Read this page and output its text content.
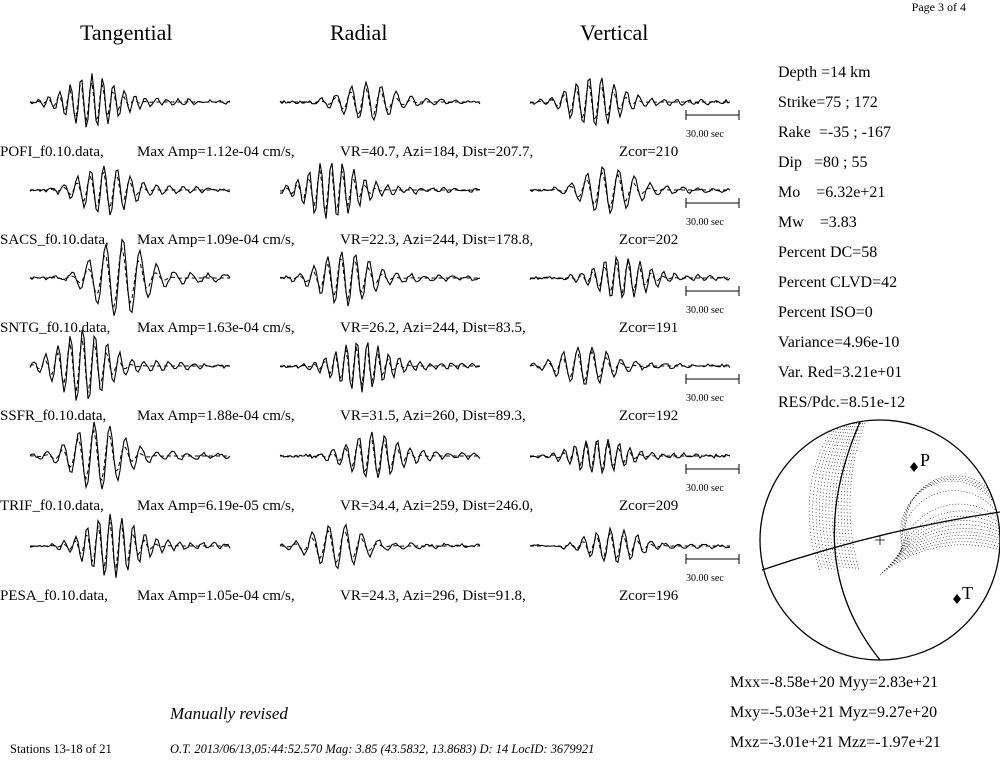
Page 3 of 4
Tangential	Radial	Vertical
30.00 sec
30.00 sec
30.00 sec
30.00 sec
30.00 sec
30.00 sec
POFI_f0.10.data, Max Amp=1.12e-04 cm/s,	VR=40.7, Azi=184, Dist=207.7,	Zcor=210
SACS_f0.10.data, Max Amp=1.09e-04 cm/s,	VR=22.3, Azi=244, Dist=178.8,	Zcor=202
SNTG_f0.10.data, Max Amp=1.63e-04 cm/s,	VR=26.2, Azi=244, Dist=83.5,	Zcor=191
SSFR_f0.10.data, Max Amp=1.88e-04 cm/s,	VR=31.5, Azi=260, Dist=89.3,	Zcor=192
TRIF_f0.10.data, Max Amp=6.19e-05 cm/s,	VR=34.4, Azi=259, Dist=246.0,	Zcor=209
PESA_f0.10.data, Max Amp=1.05e-04 cm/s,	VR=24.3, Azi=296, Dist=91.8,	Zcor=196
Depth =14 km
Strike=75 ; 172
Rake  =-35 ; -167
Dip   =80 ; 55
Mo    =6.32e+21
Mw    =3.83
Percent DC=58
Percent CLVD=42
Percent ISO=0
Variance=4.96e-10
Var. Red=3.21e+01
RES/Pdc.=8.51e-12
P
T
Mxx=-8.58e+20 Myy=2.83e+21
Mxy=-5.03e+21 Myz=9.27e+20
Mxz=-3.01e+21 Mzz=-1.97e+21
Manually revised
Stations 13-18 of 21	O.T. 2013/06/13,05:44:52.570 Mag: 3.85 (43.5832, 13.8683) D: 14 LocID: 3679921
